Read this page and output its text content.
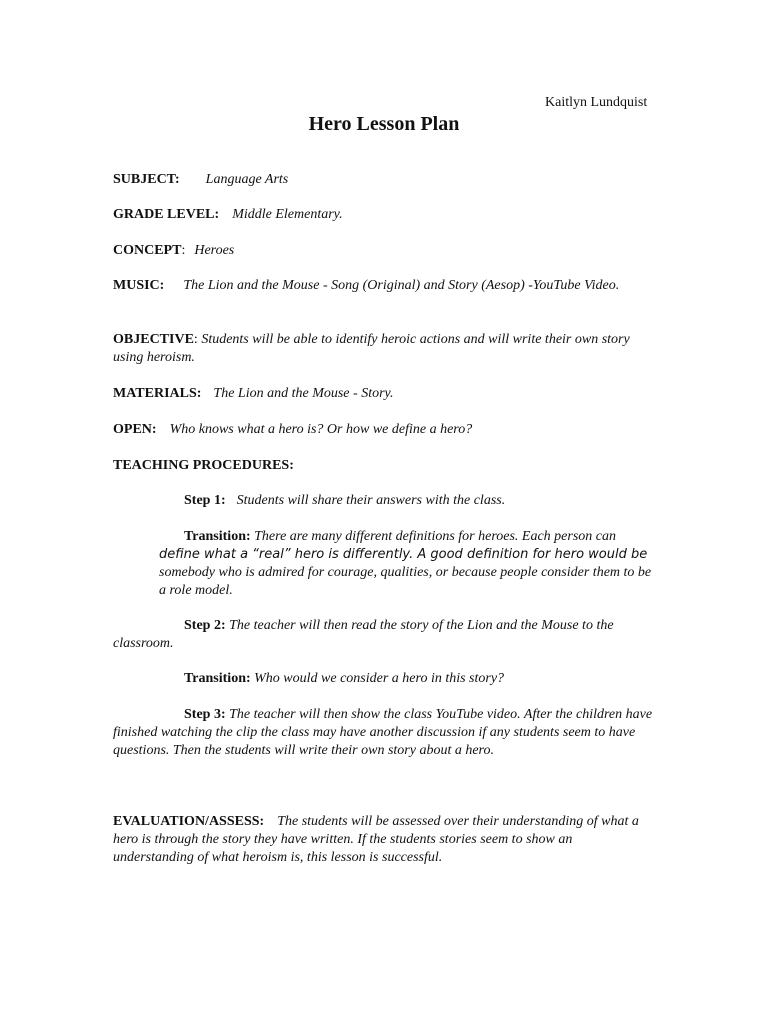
Kaitlyn Lundquist
Hero Lesson Plan

SUBJECT: Language Arts

GRADE LEVEL: Middle Elementary.

CONCEPT: Heroes

MUSIC: The Lion and the Mouse - Song (Original) and Story (Aesop) -YouTube Video.

OBJECTIVE: Students will be able to identify heroic actions and will write their own story using heroism.

MATERIALS: The Lion and the Mouse - Story.

OPEN: Who knows what a hero is? Or how we define a hero?

TEACHING PROCEDURES:

Step 1: Students will share their answers with the class.

Transition: There are many different definitions for heroes. Each person can
define what a “real” hero is differently. A good definition for hero would be
somebody who is admired for courage, qualities, or because people consider them to be a role model.

Step 2: The teacher will then read the story of the Lion and the Mouse to the classroom.

Transition: Who would we consider a hero in this story?

Step 3: The teacher will then show the class YouTube video. After the children have finished watching the clip the class may have another discussion if any students seem to have questions. Then the students will write their own story about a hero.

EVALUATION/ASSESS: The students will be assessed over their understanding of what a hero is through the story they have written. If the students stories seem to show an understanding of what heroism is, this lesson is successful.
